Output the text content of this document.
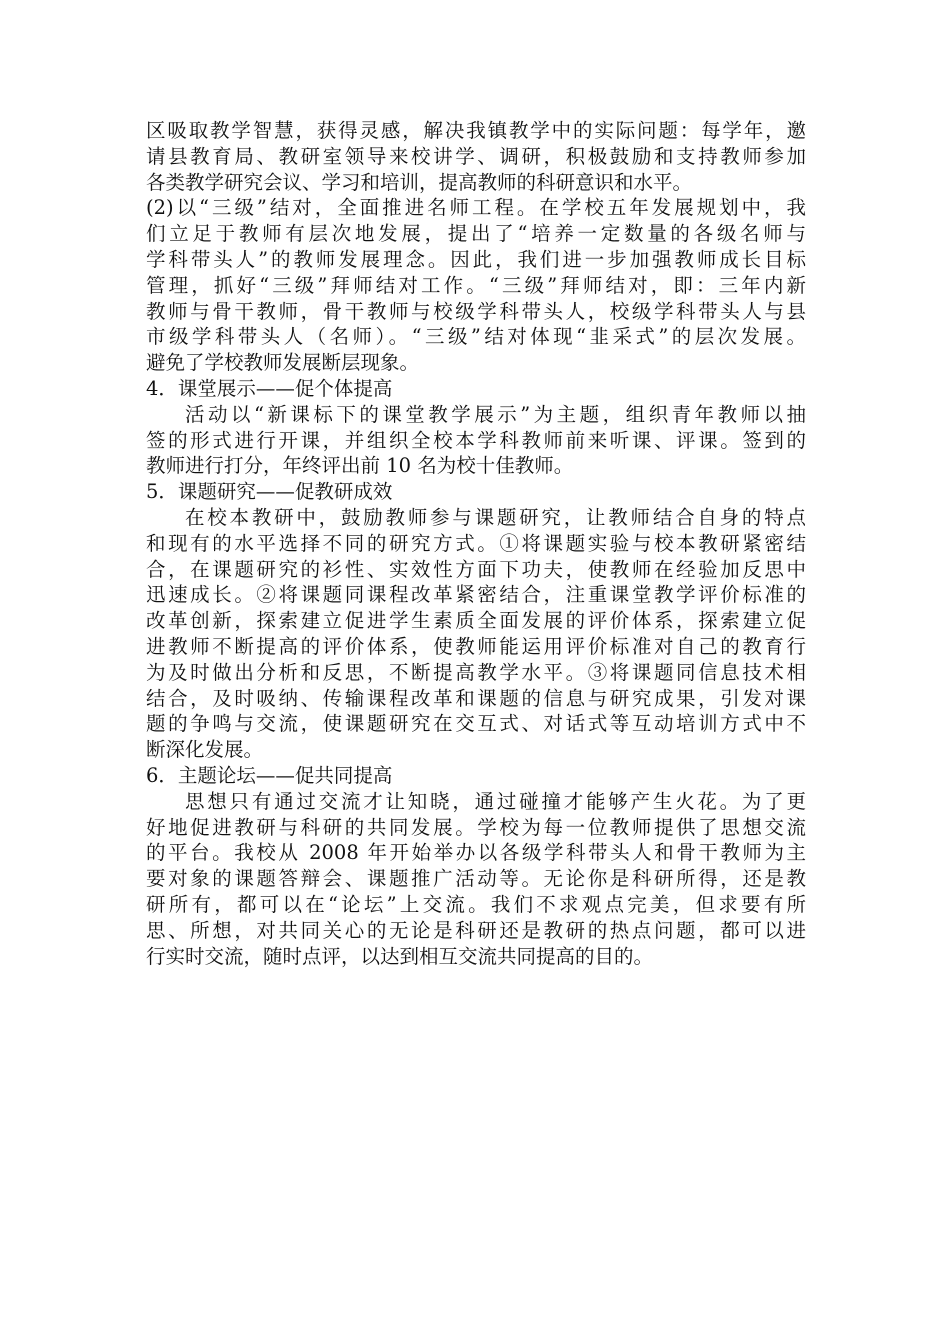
区吸取教学智慧，获得灵感，解决我镇教学中的实际问题：每学年，邀
请县教育局、教研室领导来校讲学、调研，积极鼓励和支持教师参加
各类教学研究会议、学习和培训，提高教师的科研意识和水平。
(2)以“三级”结对，全面推进名师工程。在学校五年发展规划中，我
们立足于教师有层次地发展，提出了“培养一定数量的各级名师与
学科带头人”的教师发展理念。因此，我们进一步加强教师成长目标
管理，抓好“三级”拜师结对工作。“三级”拜师结对，即：三年内新
教师与骨干教师，骨干教师与校级学科带头人，校级学科带头人与县
市级学科带头人（名师）。“三级”结对体现“韭采式”的层次发展。
避免了学校教师发展断层现象。
4．课堂展示——促个体提高
活动以“新课标下的课堂教学展示”为主题，组织青年教师以抽
签的形式进行开课，并组织全校本学科教师前来听课、评课。签到的
教师进行打分，年终评出前 10 名为校十佳教师。
5．课题研究——促教研成效
在校本教研中，鼓励教师参与课题研究，让教师结合自身的特点
和现有的水平选择不同的研究方式。①将课题实验与校本教研紧密结
合，在课题研究的衫性、实效性方面下功夫，使教师在经验加反思中
迅速成长。②将课题同课程改革紧密结合，注重课堂教学评价标准的
改革创新，探索建立促进学生素质全面发展的评价体系，探索建立促
进教师不断提高的评价体系，使教师能运用评价标准对自己的教育行
为及时做出分析和反思，不断提高教学水平。③将课题同信息技术相
结合，及时吸纳、传输课程改革和课题的信息与研究成果，引发对课
题的争鸣与交流，使课题研究在交互式、对话式等互动培训方式中不
断深化发展。
6．主题论坛——促共同提高
思想只有通过交流才让知晓，通过碰撞才能够产生火花。为了更
好地促进教研与科研的共同发展。学校为每一位教师提供了思想交流
的平台。我校从 2008 年开始举办以各级学科带头人和骨干教师为主
要对象的课题答辩会、课题推广活动等。无论你是科研所得，还是教
研所有，都可以在“论坛”上交流。我们不求观点完美，但求要有所
思、所想，对共同关心的无论是科研还是教研的热点问题，都可以进
行实时交流，随时点评，以达到相互交流共同提高的目的。
